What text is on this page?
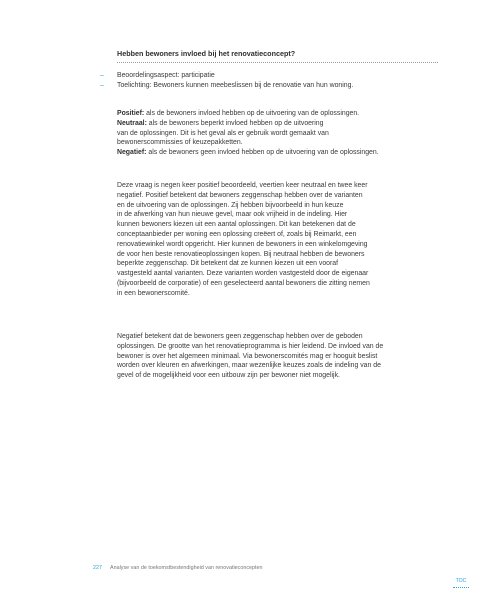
Hebben bewoners invloed bij het renovatieconcept?
– Beoordelingsaspect: participatie
– Toelichting: Bewoners kunnen meebeslissen bij de renovatie van hun woning.

Positief: als de bewoners invloed hebben op de uitvoering van de oplossingen.

Neutraal: als de bewoners beperkt invloed hebben op de uitvoering

van de oplossingen. Dit is het geval als er gebruik wordt gemaakt van

bewonerscommissies of keuzepakketten.

Negatief: als de bewoners geen invloed hebben op de uitvoering van de oplossingen.

Deze vraag is negen keer positief beoordeeld, veertien keer neutraal en twee keer

negatief. Positief betekent dat bewoners zeggenschap hebben over de varianten

en de uitvoering van de oplossingen. Zij hebben bijvoorbeeld in hun keuze

in de afwerking van hun nieuwe gevel, maar ook vrijheid in de indeling. Hier

kunnen bewoners kiezen uit een aantal oplossingen. Dit kan betekenen dat de

conceptaanbieder per woning een oplossing creëert of, zoals bij Reimarkt, een

renovatiewinkel wordt opgericht. Hier kunnen de bewoners in een winkelomgeving

de voor hen beste renovatieoplossingen kopen. Bij neutraal hebben de bewoners

beperkte zeggenschap. Dit betekent dat ze kunnen kiezen uit een vooraf

vastgesteld aantal varianten. Deze varianten worden vastgesteld door de eigenaar

(bijvoorbeeld de corporatie) of een geselecteerd aantal bewoners die zitting nemen

in een bewonerscomité.

Negatief betekent dat de bewoners geen zeggenschap hebben over de geboden

oplossingen. De grootte van het renovatieprogramma is hier leidend. De invloed van de

bewoner is over het algemeen minimaal. Via bewonerscomités mag er hooguit beslist

worden over kleuren en afwerkingen, maar wezenlijke keuzes zoals de indeling van de

gevel of de mogelijkheid voor een uitbouw zijn per bewoner niet mogelijk.

227 Analyse van de toekomstbestendigheid van renovatieconcepten
TOC
